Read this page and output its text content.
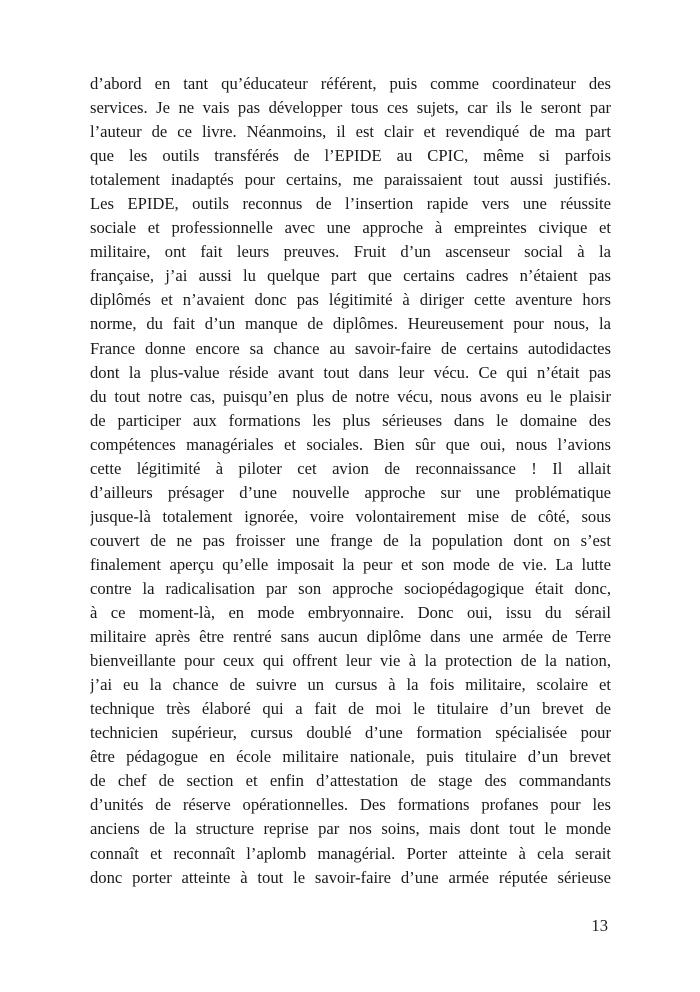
d’abord en tant qu’éducateur référent, puis comme coordinateur des
services. Je ne vais pas développer tous ces sujets, car ils le seront par
l’auteur de ce livre. Néanmoins, il est clair et revendiqué de ma part
que les outils transférés de l’EPIDE au CPIC, même si parfois
totalement inadaptés pour certains, me paraissaient tout aussi justifiés.
Les EPIDE, outils reconnus de l’insertion rapide vers une réussite
sociale et professionnelle avec une approche à empreintes civique et
militaire, ont fait leurs preuves. Fruit d’un ascenseur social à la
française, j’ai aussi lu quelque part que certains cadres n’étaient pas
diplômés et n’avaient donc pas légitimité à diriger cette aventure hors
norme, du fait d’un manque de diplômes. Heureusement pour nous, la
France donne encore sa chance au savoir-faire de certains autodidactes
dont la plus-value réside avant tout dans leur vécu. Ce qui n’était pas
du tout notre cas, puisqu’en plus de notre vécu, nous avons eu le plaisir
de participer aux formations les plus sérieuses dans le domaine des
compétences managériales et sociales. Bien sûr que oui, nous l’avions
cette légitimité à piloter cet avion de reconnaissance ! Il allait
d’ailleurs présager d’une nouvelle approche sur une problématique
jusque-là totalement ignorée, voire volontairement mise de côté, sous
couvert de ne pas froisser une frange de la population dont on s’est
finalement aperçu qu’elle imposait la peur et son mode de vie. La lutte
contre la radicalisation par son approche sociopédagogique était donc,
à ce moment-là, en mode embryonnaire. Donc oui, issu du sérail
militaire après être rentré sans aucun diplôme dans une armée de Terre
bienveillante pour ceux qui offrent leur vie à la protection de la nation,
j’ai eu la chance de suivre un cursus à la fois militaire, scolaire et
technique très élaboré qui a fait de moi le titulaire d’un brevet de
technicien supérieur, cursus doublé d’une formation spécialisée pour
être pédagogue en école militaire nationale, puis titulaire d’un brevet
de chef de section et enfin d’attestation de stage des commandants
d’unités de réserve opérationnelles. Des formations profanes pour les
anciens de la structure reprise par nos soins, mais dont tout le monde
connaît et reconnaît l’aplomb managérial. Porter atteinte à cela serait
donc porter atteinte à tout le savoir-faire d’une armée réputée sérieuse
13
